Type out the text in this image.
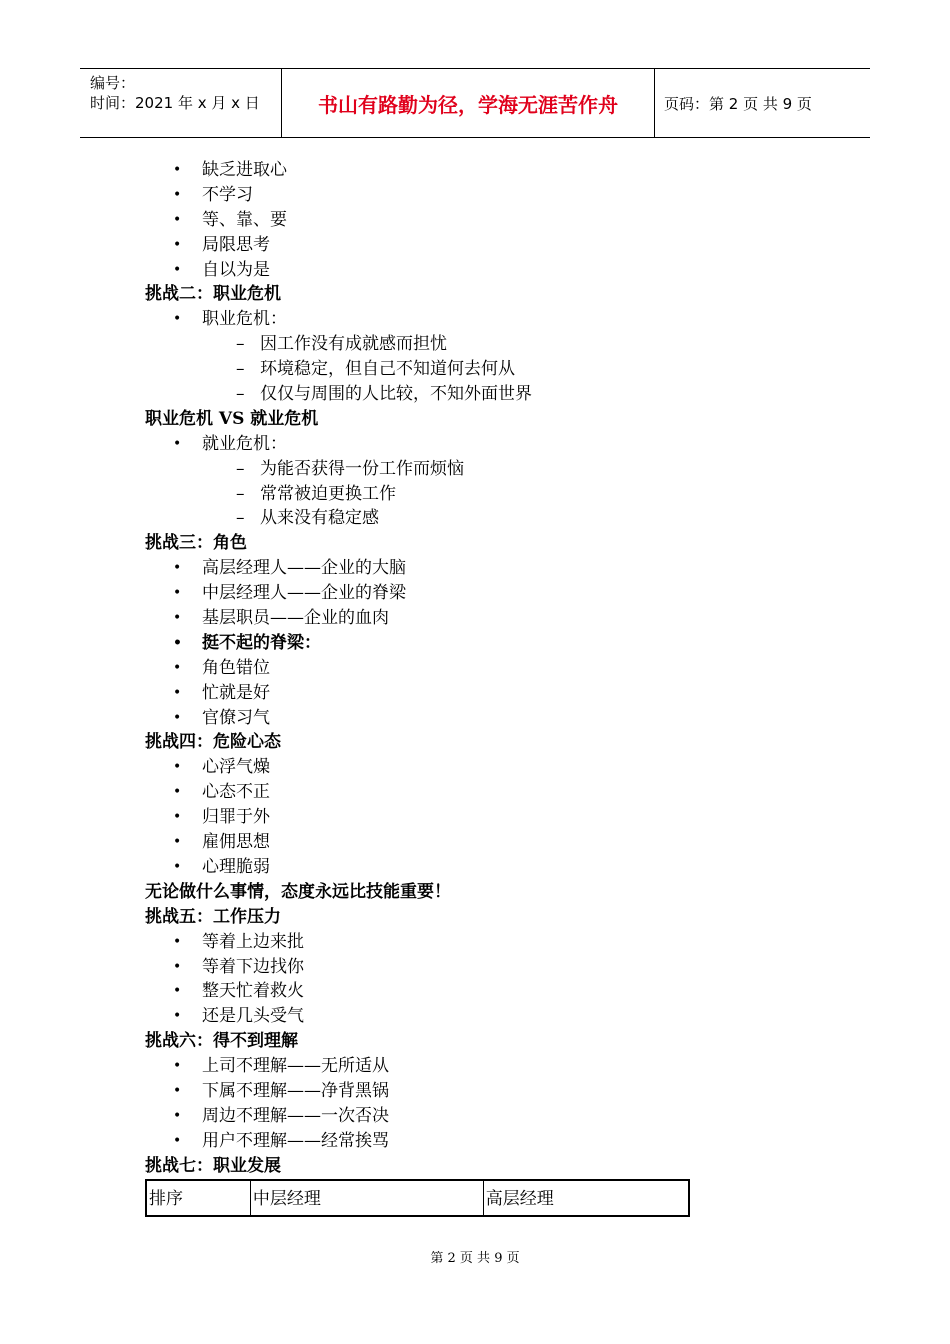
编号：
时间：2021 年 x 月 x 日	书山有路勤为径，学海无涯苦作舟	页码：第 2 页 共 9 页
• 缺乏进取心
• 不学习
• 等、靠、要
• 局限思考
• 自以为是
挑战二：职业危机
• 职业危机：
– 因工作没有成就感而担忧
– 环境稳定，但自己不知道何去何从
– 仅仅与周围的人比较，不知外面世界
职业危机 VS 就业危机
• 就业危机：
– 为能否获得一份工作而烦恼
– 常常被迫更换工作
– 从来没有稳定感
挑战三：角色
• 高层经理人——企业的大脑
• 中层经理人——企业的脊梁
• 基层职员——企业的血肉
• 挺不起的脊梁：
• 角色错位
• 忙就是好
• 官僚习气
挑战四：危险心态
• 心浮气燥
• 心态不正
• 归罪于外
• 雇佣思想
• 心理脆弱
无论做什么事情，态度永远比技能重要！
挑战五：工作压力
• 等着上边来批
• 等着下边找你
• 整天忙着救火
• 还是几头受气
挑战六：得不到理解
• 上司不理解——无所适从
• 下属不理解——净背黑锅
• 周边不理解——一次否决
• 用户不理解——经常挨骂
挑战七：职业发展
排序	中层经理	高层经理
第 2 页 共 9 页
